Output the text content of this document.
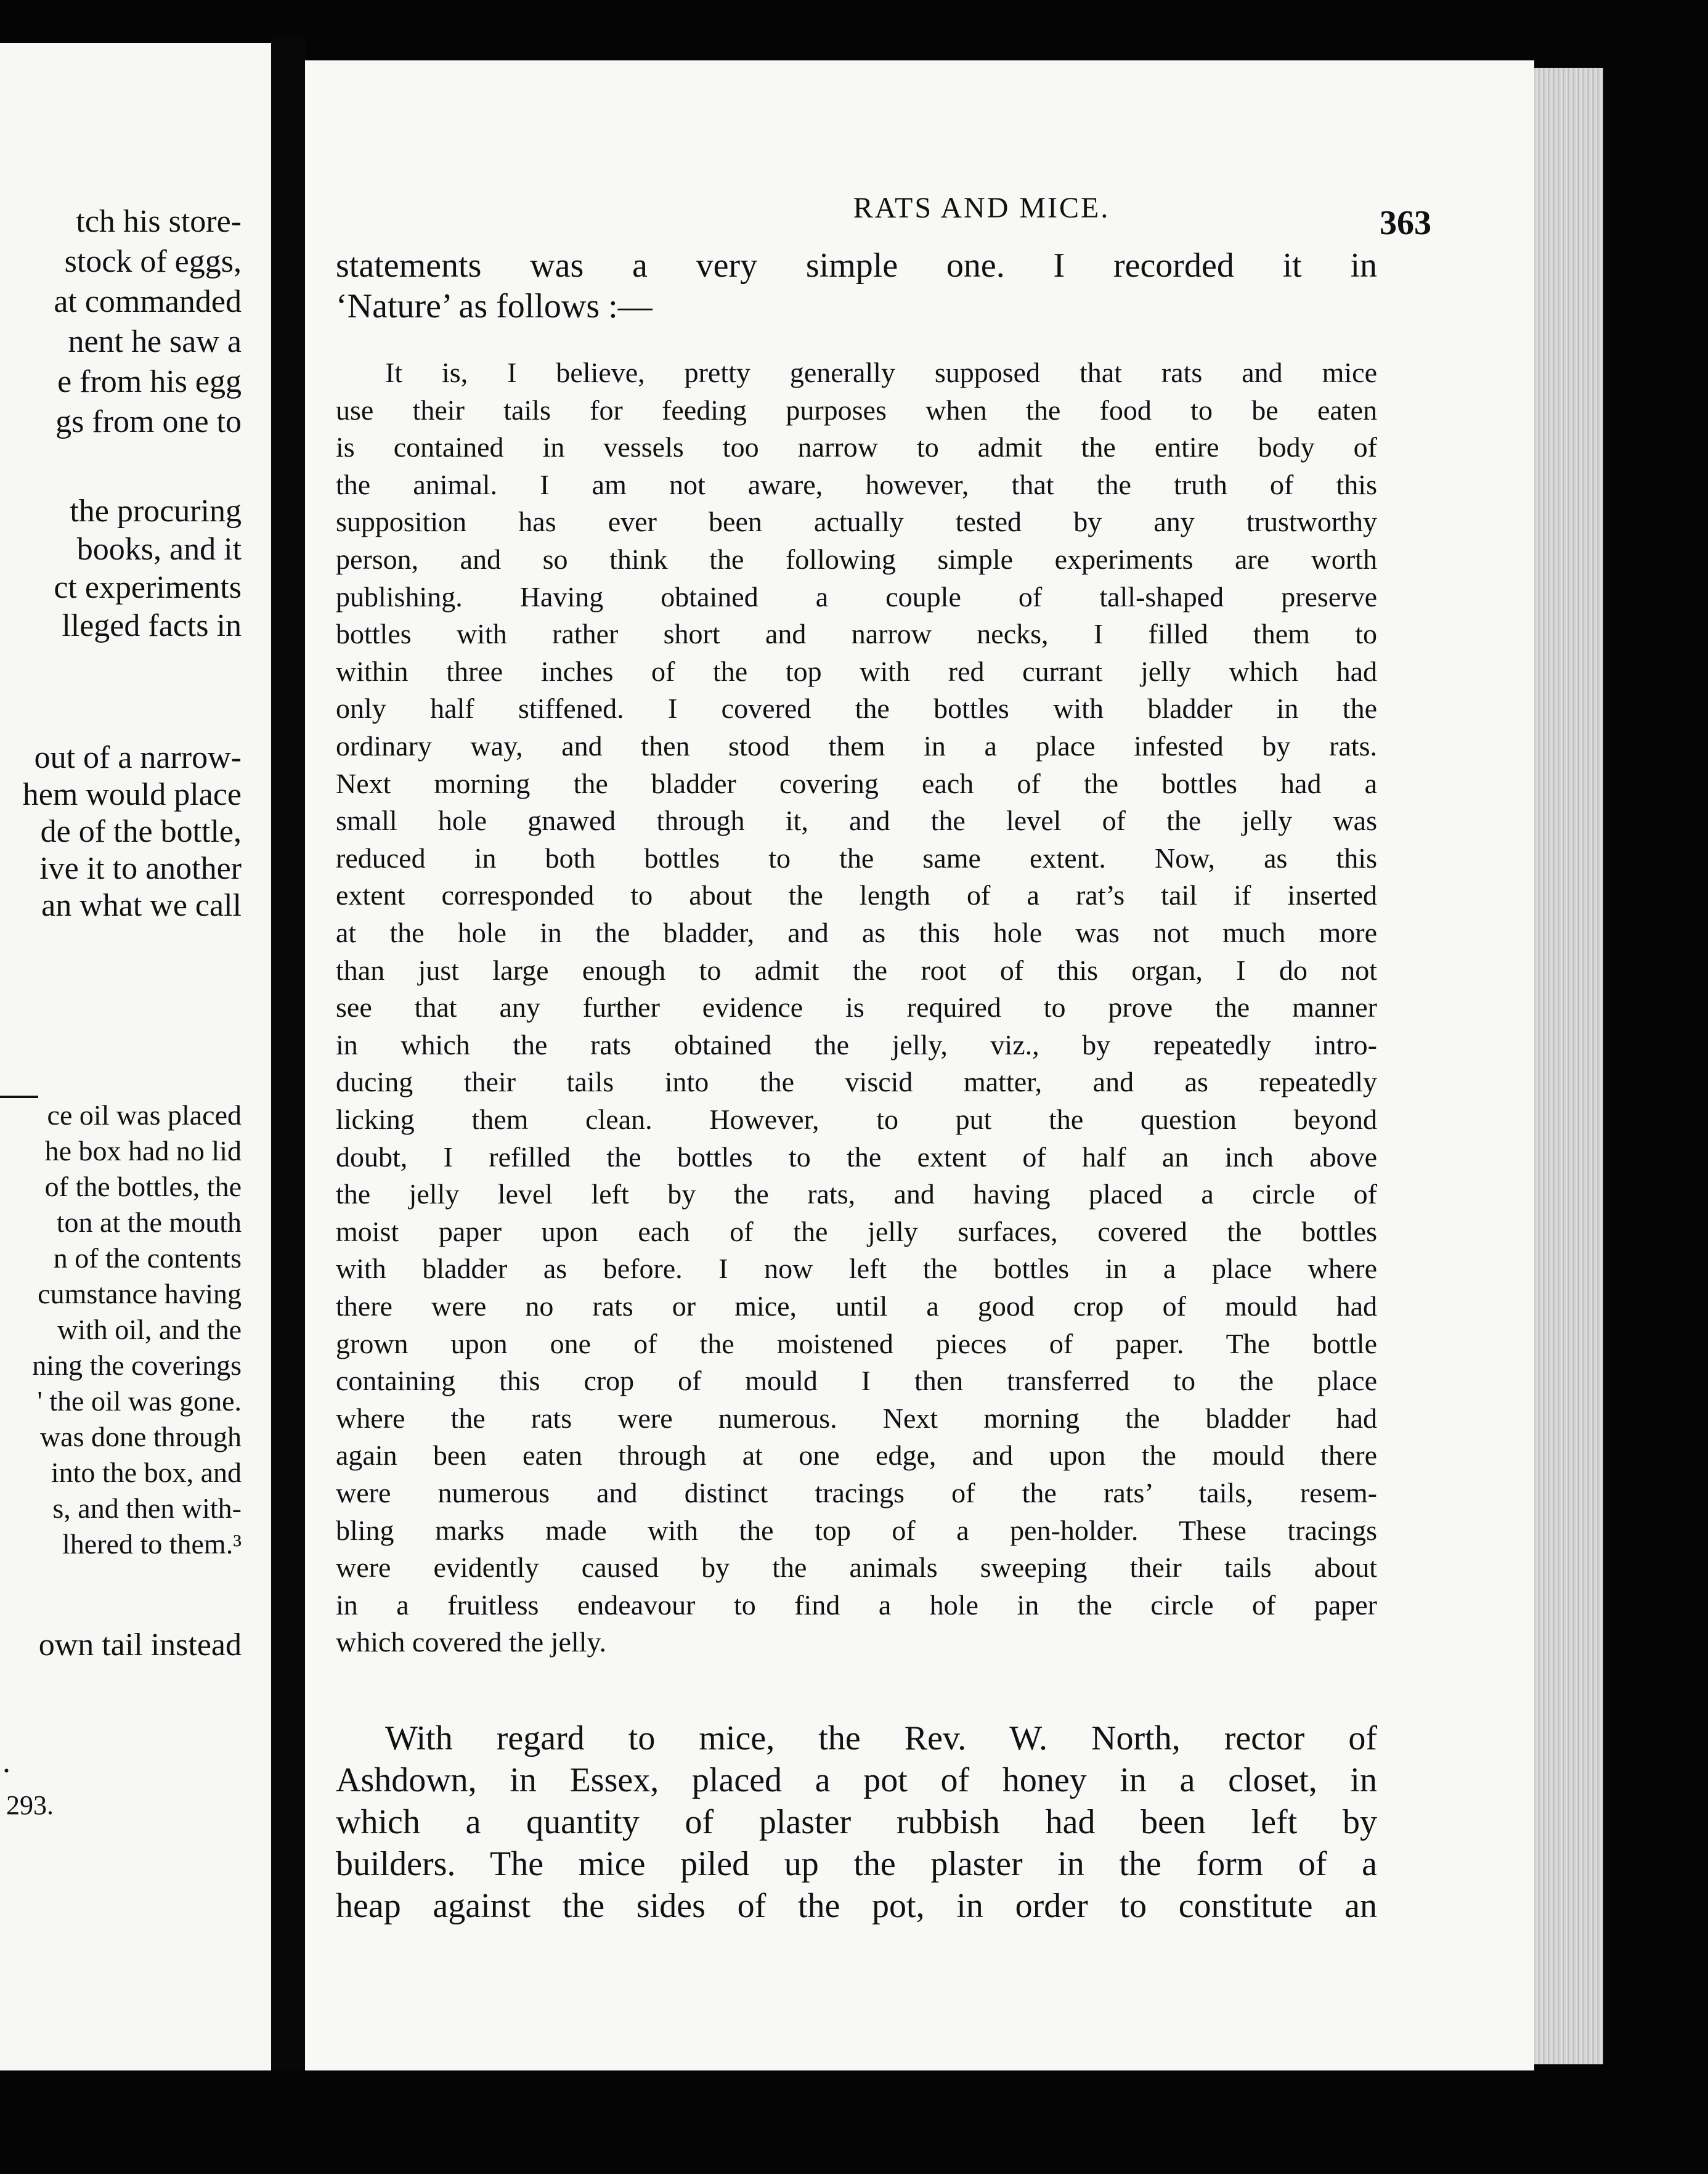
tch his store-
stock of eggs,
at commanded
nent he saw a
e from his egg
gs from one to
the procuring
books, and it
ct experiments
lleged facts in
out of a narrow-
hem would place
de of the bottle,
ive it to another
an what we call
ce oil was placed
he box had no lid
of the bottles, the
ton at the mouth
n of the contents
cumstance having
with oil, and the
ning the coverings
' the oil was gone.
was done through
into the box, and
s, and then with-
lhered to them.³
own tail instead
.
293.
RATS AND MICE.	363
statements was a very simple one. I recorded it in
‘Nature’ as follows :—
It is, I believe, pretty generally supposed that rats and mice
use their tails for feeding purposes when the food to be eaten
is contained in vessels too narrow to admit the entire body of
the animal. I am not aware, however, that the truth of this
supposition has ever been actually tested by any trustworthy
person, and so think the following simple experiments are worth
publishing. Having obtained a couple of tall-shaped preserve
bottles with rather short and narrow necks, I filled them to
within three inches of the top with red currant jelly which had
only half stiffened. I covered the bottles with bladder in the
ordinary way, and then stood them in a place infested by rats.
Next morning the bladder covering each of the bottles had a
small hole gnawed through it, and the level of the jelly was
reduced in both bottles to the same extent. Now, as this
extent corresponded to about the length of a rat’s tail if inserted
at the hole in the bladder, and as this hole was not much more
than just large enough to admit the root of this organ, I do not
see that any further evidence is required to prove the manner
in which the rats obtained the jelly, viz., by repeatedly intro-
ducing their tails into the viscid matter, and as repeatedly
licking them clean. However, to put the question beyond
doubt, I refilled the bottles to the extent of half an inch above
the jelly level left by the rats, and having placed a circle of
moist paper upon each of the jelly surfaces, covered the bottles
with bladder as before. I now left the bottles in a place where
there were no rats or mice, until a good crop of mould had
grown upon one of the moistened pieces of paper. The bottle
containing this crop of mould I then transferred to the place
where the rats were numerous. Next morning the bladder had
again been eaten through at one edge, and upon the mould there
were numerous and distinct tracings of the rats’ tails, resem-
bling marks made with the top of a pen-holder. These tracings
were evidently caused by the animals sweeping their tails about
in a fruitless endeavour to find a hole in the circle of paper
which covered the jelly.
With regard to mice, the Rev. W. North, rector of
Ashdown, in Essex, placed a pot of honey in a closet, in
which a quantity of plaster rubbish had been left by
builders. The mice piled up the plaster in the form of a
heap against the sides of the pot, in order to constitute an
